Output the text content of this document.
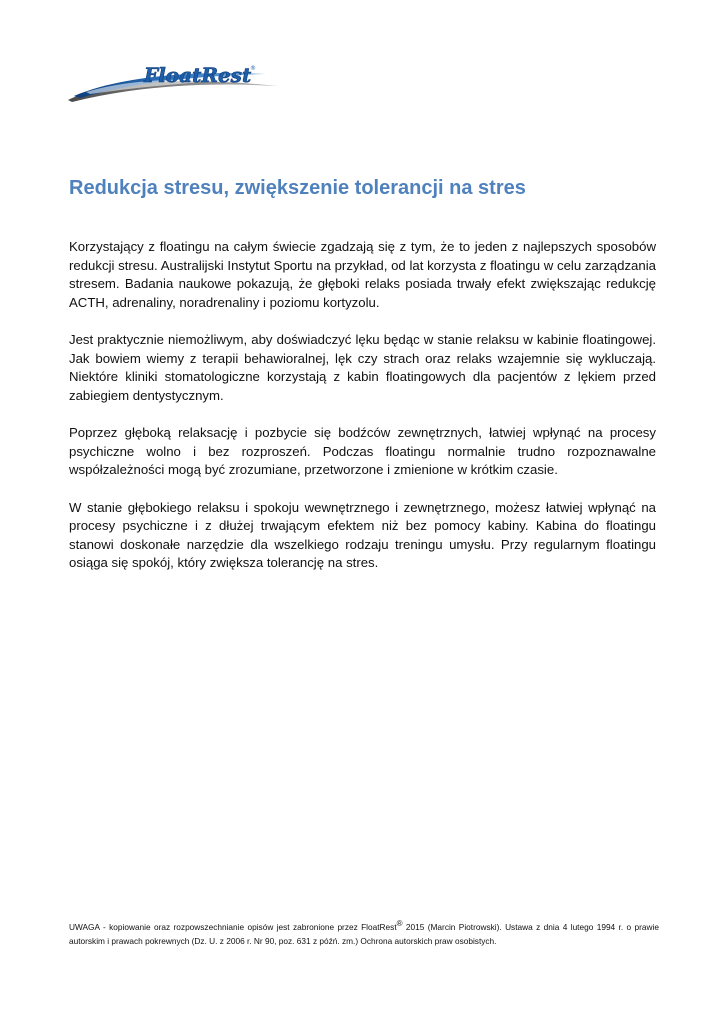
FloatRest
®
Redukcja stresu, zwiększenie tolerancji na stres

Korzystający z floatingu na całym świecie zgadzają się z tym, że to jeden z najlepszych sposobów redukcji stresu. Australijski Instytut Sportu na przykład, od lat korzysta z floatingu w celu zarządzania stresem. Badania naukowe pokazują, że głęboki relaks posiada trwały efekt zwiększając redukcję ACTH, adrenaliny, noradrenaliny i poziomu kortyzolu.

Jest praktycznie niemożliwym, aby doświadczyć lęku będąc w stanie relaksu w kabinie floatingowej. Jak bowiem wiemy z terapii behawioralnej, lęk czy strach oraz relaks wzajemnie się wykluczają. Niektóre kliniki stomatologiczne korzystają z kabin floatingowych dla pacjentów z lękiem przed zabiegiem dentystycznym.

Poprzez głęboką relaksację i pozbycie się bodźców zewnętrznych, łatwiej wpłynąć na procesy psychiczne wolno i bez rozproszeń. Podczas floatingu normalnie trudno rozpoznawalne współzależności mogą być zrozumiane, przetworzone i zmienione w krótkim czasie.

W stanie głębokiego relaksu i spokoju wewnętrznego i zewnętrznego, możesz łatwiej wpłynąć na procesy psychiczne i z dłużej trwającym efektem niż bez pomocy kabiny. Kabina do floatingu stanowi doskonałe narzędzie dla wszelkiego rodzaju treningu umysłu. Przy regularnym floatingu osiąga się spokój, który zwiększa tolerancję na stres.

UWAGA - kopiowanie oraz rozpowszechnianie opisów jest zabronione przez FloatRest® 2015 (Marcin Piotrowski). Ustawa z dnia 4 lutego 1994 r. o prawie autorskim i prawach pokrewnych (Dz. U. z 2006 r. Nr 90, poz. 631 z późń. zm.) Ochrona autorskich praw osobistych.
